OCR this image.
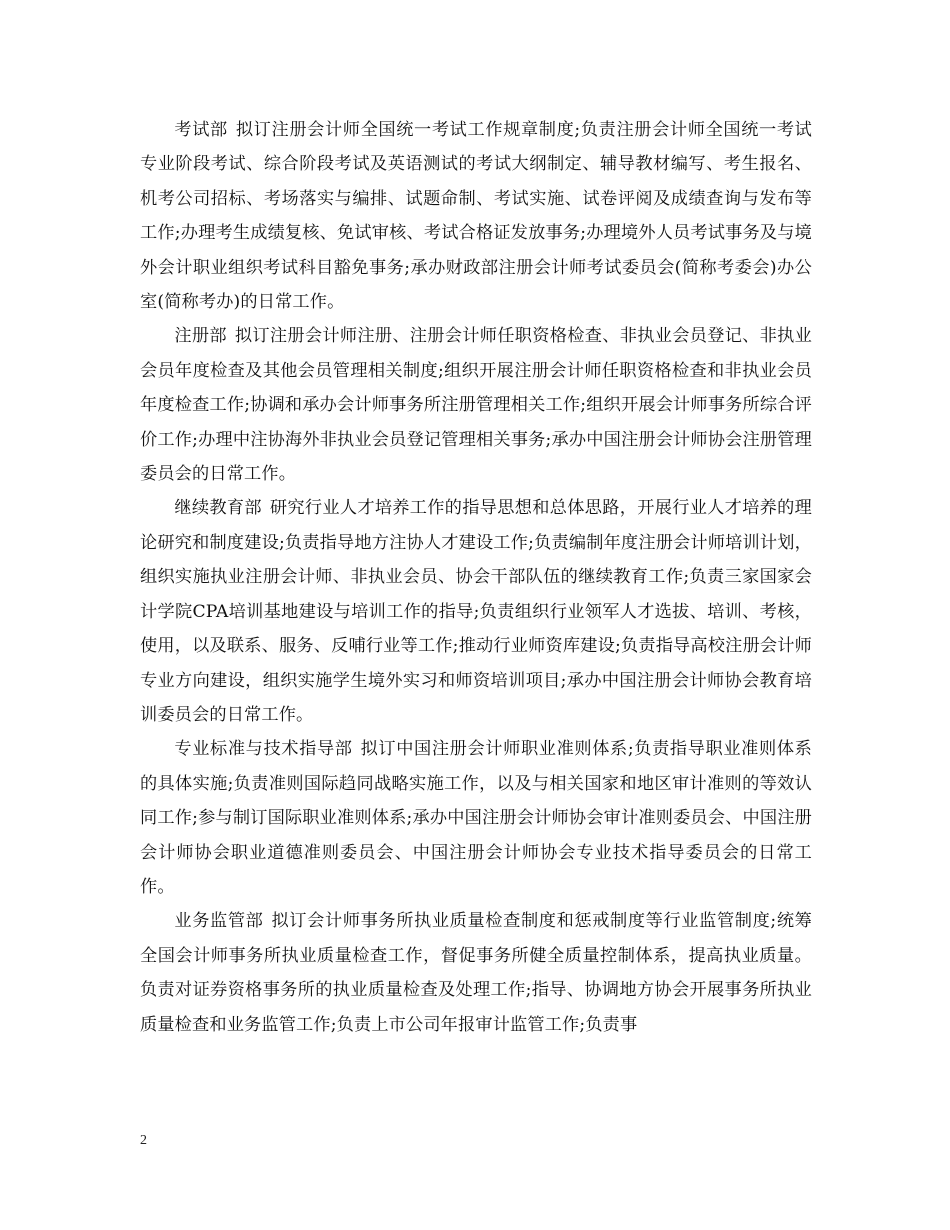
考试部 拟订注册会计师全国统一考试工作规章制度;负责注册会计师全国统一考试专业阶段考试、综合阶段考试及英语测试的考试大纲制定、辅导教材编写、考生报名、机考公司招标、考场落实与编排、试题命制、考试实施、试卷评阅及成绩查询与发布等工作;办理考生成绩复核、免试审核、考试合格证发放事务;办理境外人员考试事务及与境外会计职业组织考试科目豁免事务;承办财政部注册会计师考试委员会(简称考委会)办公室(简称考办)的日常工作。

注册部 拟订注册会计师注册、注册会计师任职资格检查、非执业会员登记、非执业会员年度检查及其他会员管理相关制度;组织开展注册会计师任职资格检查和非执业会员年度检查工作;协调和承办会计师事务所注册管理相关工作;组织开展会计师事务所综合评价工作;办理中注协海外非执业会员登记管理相关事务;承办中国注册会计师协会注册管理委员会的日常工作。

继续教育部 研究行业人才培养工作的指导思想和总体思路，开展行业人才培养的理论研究和制度建设;负责指导地方注协人才建设工作;负责编制年度注册会计师培训计划，组织实施执业注册会计师、非执业会员、协会干部队伍的继续教育工作;负责三家国家会计学院CPA培训基地建设与培训工作的指导;负责组织行业领军人才选拔、培训、考核，使用，以及联系、服务、反哺行业等工作;推动行业师资库建设;负责指导高校注册会计师专业方向建设，组织实施学生境外实习和师资培训项目;承办中国注册会计师协会教育培训委员会的日常工作。

专业标准与技术指导部 拟订中国注册会计师职业准则体系;负责指导职业准则体系的具体实施;负责准则国际趋同战略实施工作，以及与相关国家和地区审计准则的等效认同工作;参与制订国际职业准则体系;承办中国注册会计师协会审计准则委员会、中国注册会计师协会职业道德准则委员会、中国注册会计师协会专业技术指导委员会的日常工作。

业务监管部 拟订会计师事务所执业质量检查制度和惩戒制度等行业监管制度;统筹全国会计师事务所执业质量检查工作，督促事务所健全质量控制体系，提高执业质量。负责对证券资格事务所的执业质量检查及处理工作;指导、协调地方协会开展事务所执业质量检查和业务监管工作;负责上市公司年报审计监管工作;负责事

2
